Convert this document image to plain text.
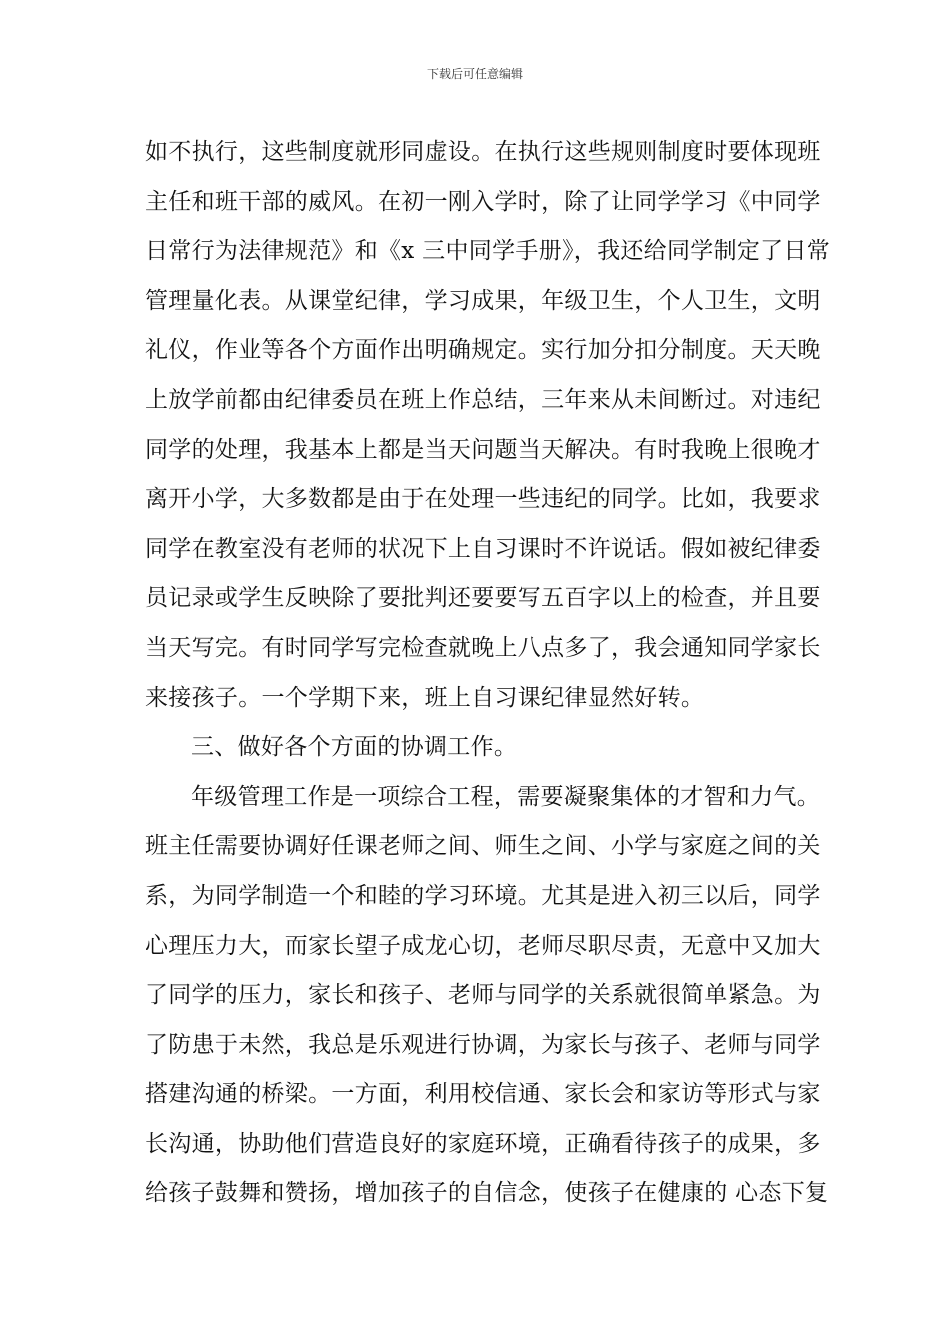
下载后可任意编辑
如不执行，这些制度就形同虚设。在执行这些规则制度时要体现班
主任和班干部的威风。在初一刚入学时，除了让同学学习《中同学
日常行为法律规范》和《x 三中同学手册》，我还给同学制定了日常
管理量化表。从课堂纪律，学习成果，年级卫生，个人卫生，文明
礼仪，作业等各个方面作出明确规定。实行加分扣分制度。天天晚
上放学前都由纪律委员在班上作总结，三年来从未间断过。对违纪
同学的处理，我基本上都是当天问题当天解决。有时我晚上很晚才
离开小学，大多数都是由于在处理一些违纪的同学。比如，我要求
同学在教室没有老师的状况下上自习课时不许说话。假如被纪律委
员记录或学生反映除了要批判还要要写五百字以上的检查，并且要
当天写完。有时同学写完检查就晚上八点多了，我会通知同学家长
来接孩子。一个学期下来，班上自习课纪律显然好转。
三、做好各个方面的协调工作。
年级管理工作是一项综合工程，需要凝聚集体的才智和力气。
班主任需要协调好任课老师之间、师生之间、小学与家庭之间的关
系，为同学制造一个和睦的学习环境。尤其是进入初三以后，同学
心理压力大，而家长望子成龙心切，老师尽职尽责，无意中又加大
了同学的压力，家长和孩子、老师与同学的关系就很简单紧急。为
了防患于未然，我总是乐观进行协调，为家长与孩子、老师与同学
搭建沟通的桥梁。一方面，利用校信通、家长会和家访等形式与家
长沟通，协助他们营造良好的家庭环境，正确看待孩子的成果，多
给孩子鼓舞和赞扬，增加孩子的自信念，使孩子在健康的 心态下复
